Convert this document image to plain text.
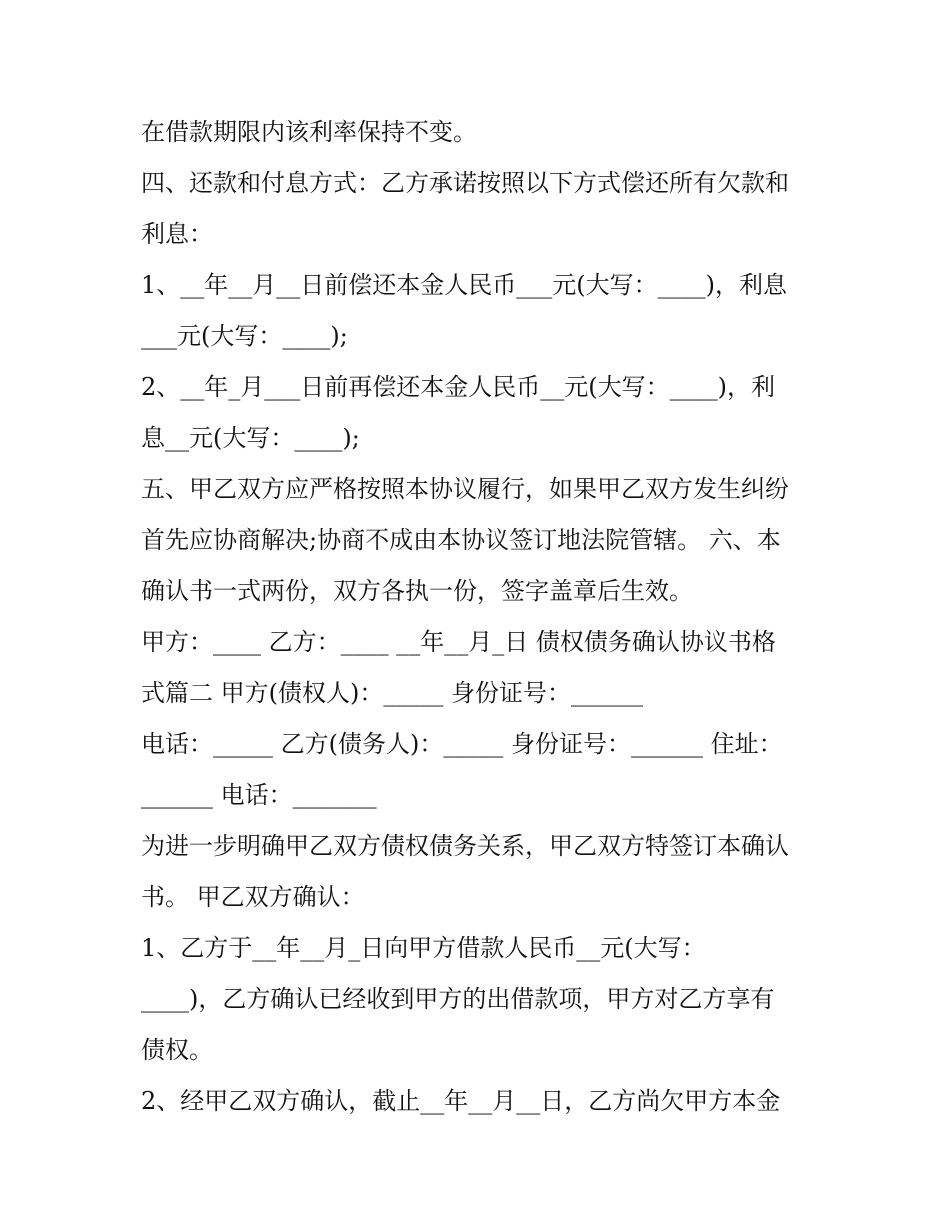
在借款期限内该利率保持不变。
四、还款和付息方式：乙方承诺按照以下方式偿还所有欠款和
利息：
1、__年__月__日前偿还本金人民币___元(大写：____)，利息
___元(大写：____);
2、__年_月___日前再偿还本金人民币__元(大写：____)，利
息__元(大写：____);
五、甲乙双方应严格按照本协议履行，如果甲乙双方发生纠纷
首先应协商解决;协商不成由本协议签订地法院管辖。 六、本
确认书一式两份，双方各执一份，签字盖章后生效。
甲方：____ 乙方：____ __年__月_日 债权债务确认协议书格
式篇二 甲方(债权人)：_____ 身份证号：______
电话：_____ 乙方(债务人)：_____ 身份证号：______ 住址：
______ 电话：_______
为进一步明确甲乙双方债权债务关系，甲乙双方特签订本确认
书。 甲乙双方确认：
1、乙方于__年__月_日向甲方借款人民币__元(大写：
____)，乙方确认已经收到甲方的出借款项，甲方对乙方享有
债权。
2、经甲乙双方确认，截止__年__月__日，乙方尚欠甲方本金
